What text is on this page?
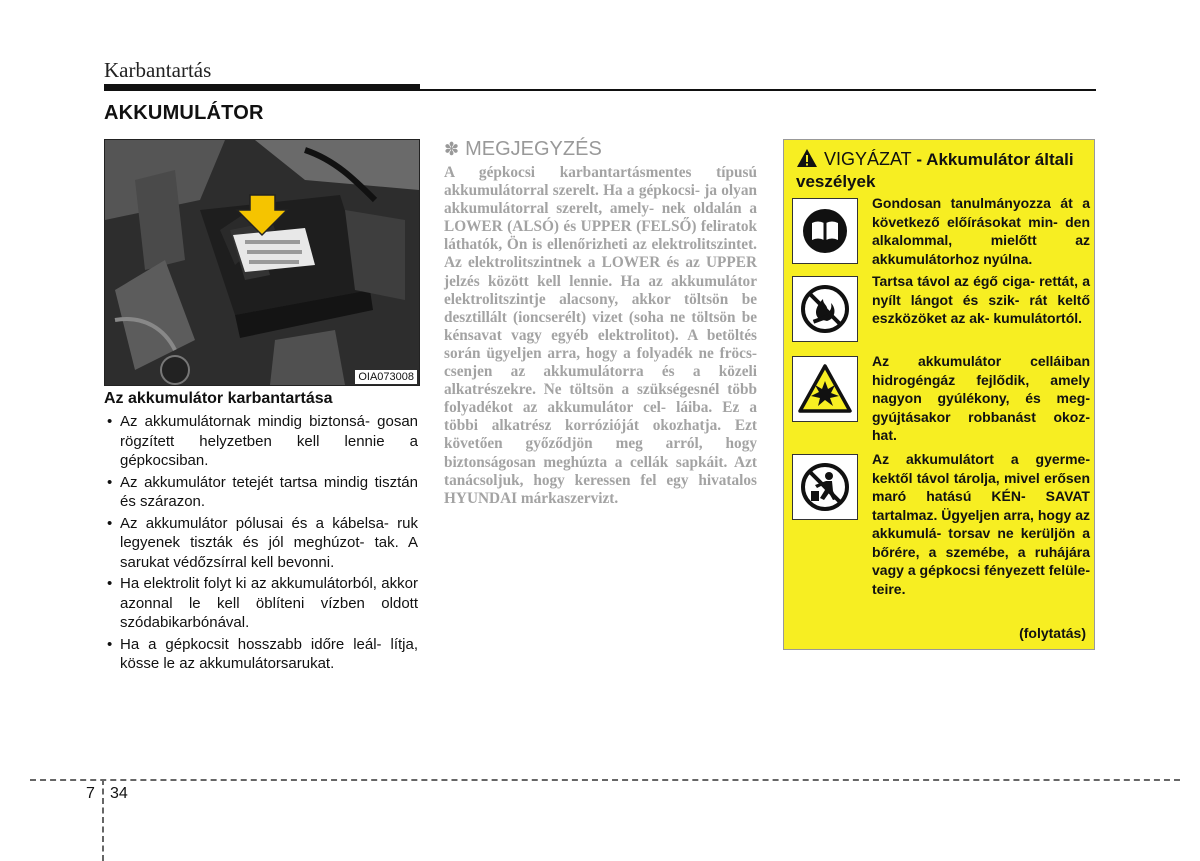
Karbantartás
AKKUMULÁTOR
OIA073008
Az akkumulátor karbantartása
• Az akkumulátornak mindig biztonsá- gosan rögzített helyzetben kell lennie a gépkocsiban.
• Az akkumulátor tetejét tartsa mindig tisztán és szárazon.
• Az akkumulátor pólusai és a kábelsa- ruk legyenek tiszták és jól meghúzot- tak. A sarukat védőzsírral kell bevonni.
• Ha elektrolit folyt ki az akkumulátorból, akkor azonnal le kell öblíteni vízben oldott szódabikarbónával.
• Ha a gépkocsit hosszabb időre leál- lítja, kösse le az akkumulátorsarukat.
✽ MEGJEGYZÉS
A gépkocsi karbantartásmentes típusú akkumulátorral szerelt. Ha a gépkocsi- ja olyan akkumulátorral szerelt, amely- nek oldalán a LOWER (ALSÓ) és UPPER (FELSŐ) feliratok láthatók, Ön is ellenőrizheti az elektrolitszintet. Az elektrolitszintnek a LOWER és az UPPER jelzés között kell lennie. Ha az akkumulátor elektrolitszintje alacsony, akkor töltsön be desztillált (ioncserélt) vizet (soha ne töltsön be kénsavat vagy egyéb elektrolitot). A betöltés során ügyeljen arra, hogy a folyadék ne fröcs- csenjen az akkumulátorra és a közeli alkatrészekre. Ne töltsön a szükségesnél több folyadékot az akkumulátor cel- láiba. Ez a többi alkatrész korrózióját okozhatja. Ezt követően győződjön meg arról, hogy biztonságosan meghúzta a cellák sapkáit. Azt tanácsoljuk, hogy keressen fel egy hivatalos HYUNDAI márkaszervizt.
VIGYÁZAT - Akkumulátor általi veszélyek
Gondosan tanulmányozza át a következő előírásokat min- den alkalommal, mielőtt az akkumulátorhoz nyúlna.
Tartsa távol az égő ciga- rettát, a nyílt lángot és szik- rát keltő eszközöket az ak- kumulátortól.
Az akkumulátor celláiban hidrogéngáz fejlődik, amely nagyon gyúlékony, és meg- gyújtásakor robbanást okoz- hat.
Az akkumulátort a gyerme- kektől távol tárolja, mivel erősen maró hatású KÉN- SAVAT tartalmaz. Ügyeljen arra, hogy az akkumulá- torsav ne kerüljön a bőrére, a szemébe, a ruhájára vagy a gépkocsi fényezett felüle- teire.
(folytatás)
7 34
